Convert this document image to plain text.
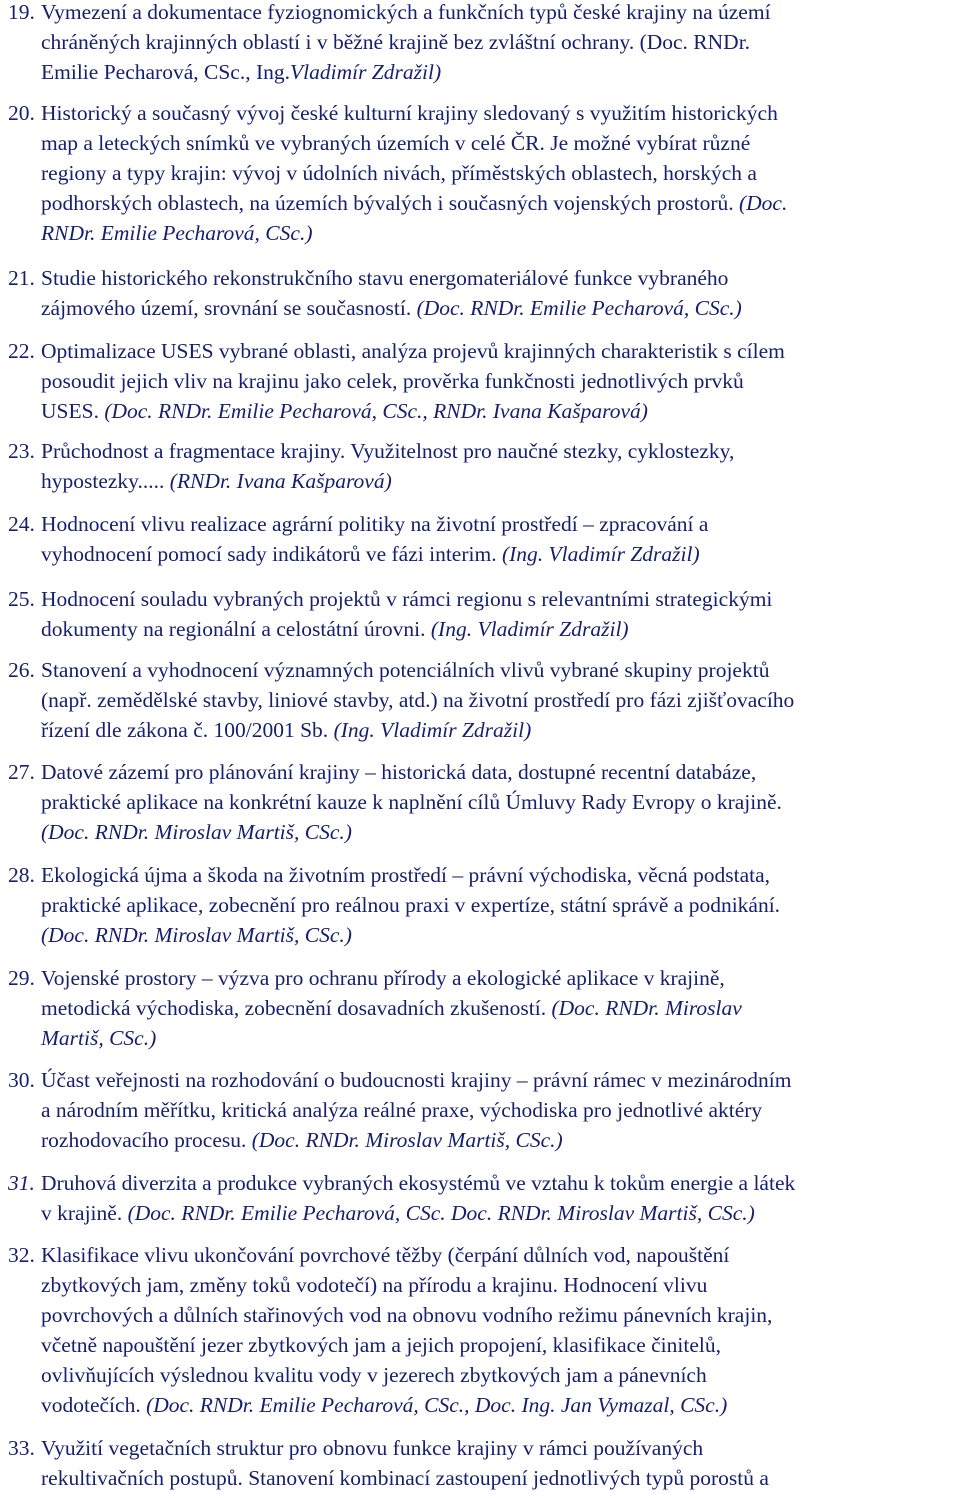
19. Vymezení a dokumentace fyziognomických a funkčních typů české krajiny na území
chráněných krajinných oblastí i v běžné krajině bez zvláštní ochrany. (Doc. RNDr.
Emilie Pecharová, CSc., Ing.Vladimír Zdražil)
20. Historický a současný vývoj české kulturní krajiny sledovaný s využitím historických
map a leteckých snímků ve vybraných územích v celé ČR. Je možné vybírat různé
regiony a typy krajin: vývoj v údolních nivách, příměstských oblastech, horských a
podhorských oblastech, na územích bývalých i současných vojenských prostorů. (Doc.
RNDr. Emilie Pecharová, CSc.)
21. Studie historického rekonstrukčního stavu energomateriálové funkce vybraného
zájmového území, srovnání se současností. (Doc. RNDr. Emilie Pecharová, CSc.)
22. Optimalizace USES vybrané oblasti, analýza projevů krajinných charakteristik s cílem
posoudit jejich vliv na krajinu jako celek, prověrka funkčnosti jednotlivých prvků
USES. (Doc. RNDr. Emilie Pecharová, CSc., RNDr. Ivana Kašparová)
23. Průchodnost a fragmentace krajiny. Využitelnost pro naučné stezky, cyklostezky,
hypostezky..... (RNDr. Ivana Kašparová)
24. Hodnocení vlivu realizace agrární politiky na životní prostředí – zpracování a
vyhodnocení pomocí sady indikátorů ve fázi interim. (Ing. Vladimír Zdražil)
25. Hodnocení souladu vybraných projektů v rámci regionu s relevantními strategickými
dokumenty na regionální a celostátní úrovni. (Ing. Vladimír Zdražil)
26. Stanovení a vyhodnocení významných potenciálních vlivů vybrané skupiny projektů
(např. zemědělské stavby, liniové stavby, atd.) na životní prostředí pro fázi zjišťovacího
řízení dle zákona č. 100/2001 Sb. (Ing. Vladimír Zdražil)
27. Datové zázemí pro plánování krajiny – historická data, dostupné recentní databáze,
praktické aplikace na konkrétní kauze k naplnění cílů Úmluvy Rady Evropy o krajině.
(Doc. RNDr. Miroslav Martiš, CSc.)
28. Ekologická újma a škoda na životním prostředí – právní východiska, věcná podstata,
praktické aplikace, zobecnění pro reálnou praxi v expertíze, státní správě a podnikání.
(Doc. RNDr. Miroslav Martiš, CSc.)
29. Vojenské prostory – výzva pro ochranu přírody a ekologické aplikace v krajině,
metodická východiska, zobecnění dosavadních zkušeností. (Doc. RNDr. Miroslav
Martiš, CSc.)
30. Účast veřejnosti na rozhodování o budoucnosti krajiny – právní rámec v mezinárodním
a národním měřítku, kritická analýza reálné praxe, východiska pro jednotlivé aktéry
rozhodovacího procesu. (Doc. RNDr. Miroslav Martiš, CSc.)
31. Druhová diverzita a produkce vybraných ekosystémů ve vztahu k tokům energie a látek
v krajině. (Doc. RNDr. Emilie Pecharová, CSc. Doc. RNDr. Miroslav Martiš, CSc.)
32. Klasifikace vlivu ukončování povrchové těžby (čerpání důlních vod, napouštění
zbytkových jam, změny toků vodotečí) na přírodu a krajinu. Hodnocení vlivu
povrchových a důlních stařinových vod na obnovu vodního režimu pánevních krajin,
včetně napouštění jezer zbytkových jam a jejich propojení, klasifikace činitelů,
ovlivňujících výslednou kvalitu vody v jezerech zbytkových jam a pánevních
vodotečích. (Doc. RNDr. Emilie Pecharová, CSc., Doc. Ing. Jan Vymazal, CSc.)
33. Využití vegetačních struktur pro obnovu funkce krajiny v rámci používaných
rekultivačních postupů. Stanovení kombinací zastoupení jednotlivých typů porostů a
